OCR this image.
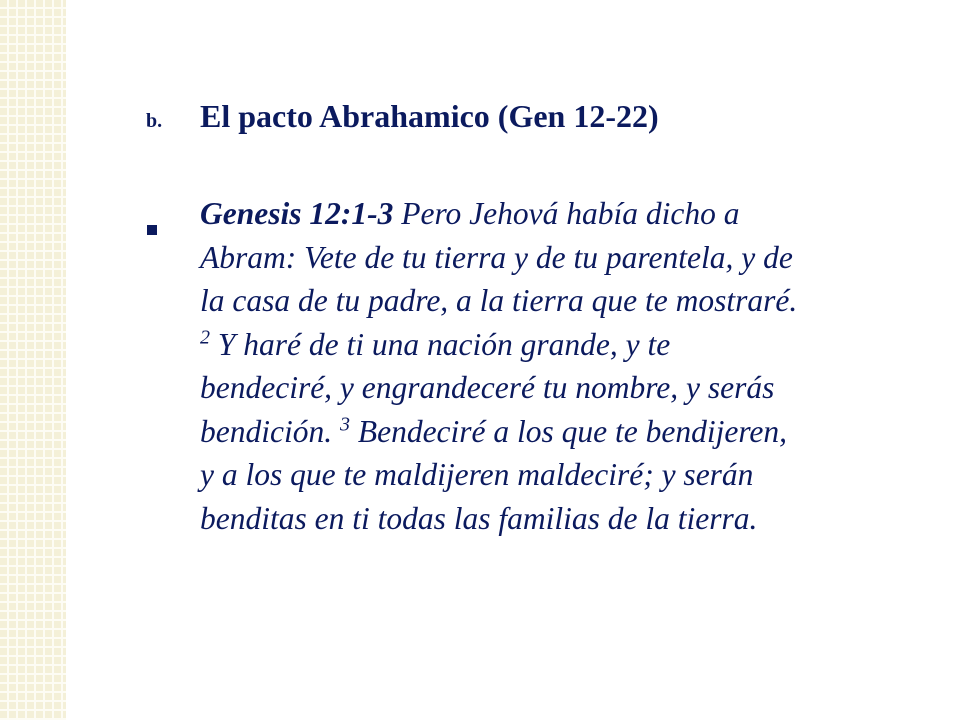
b. El pacto Abrahamico (Gen 12-22)
Genesis 12:1-3 Pero Jehová había dicho a
Abram: Vete de tu tierra y de tu parentela, y de
la casa de tu padre, a la tierra que te mostraré.
$^2$ Y haré de ti una nación grande, y te
bendeciré, y engrandeceré tu nombre, y serás
bendición. $^3$ Bendeciré a los que te bendijeren,
y a los que te maldijeren maldeciré; y serán
benditas en ti todas las familias de la tierra.
